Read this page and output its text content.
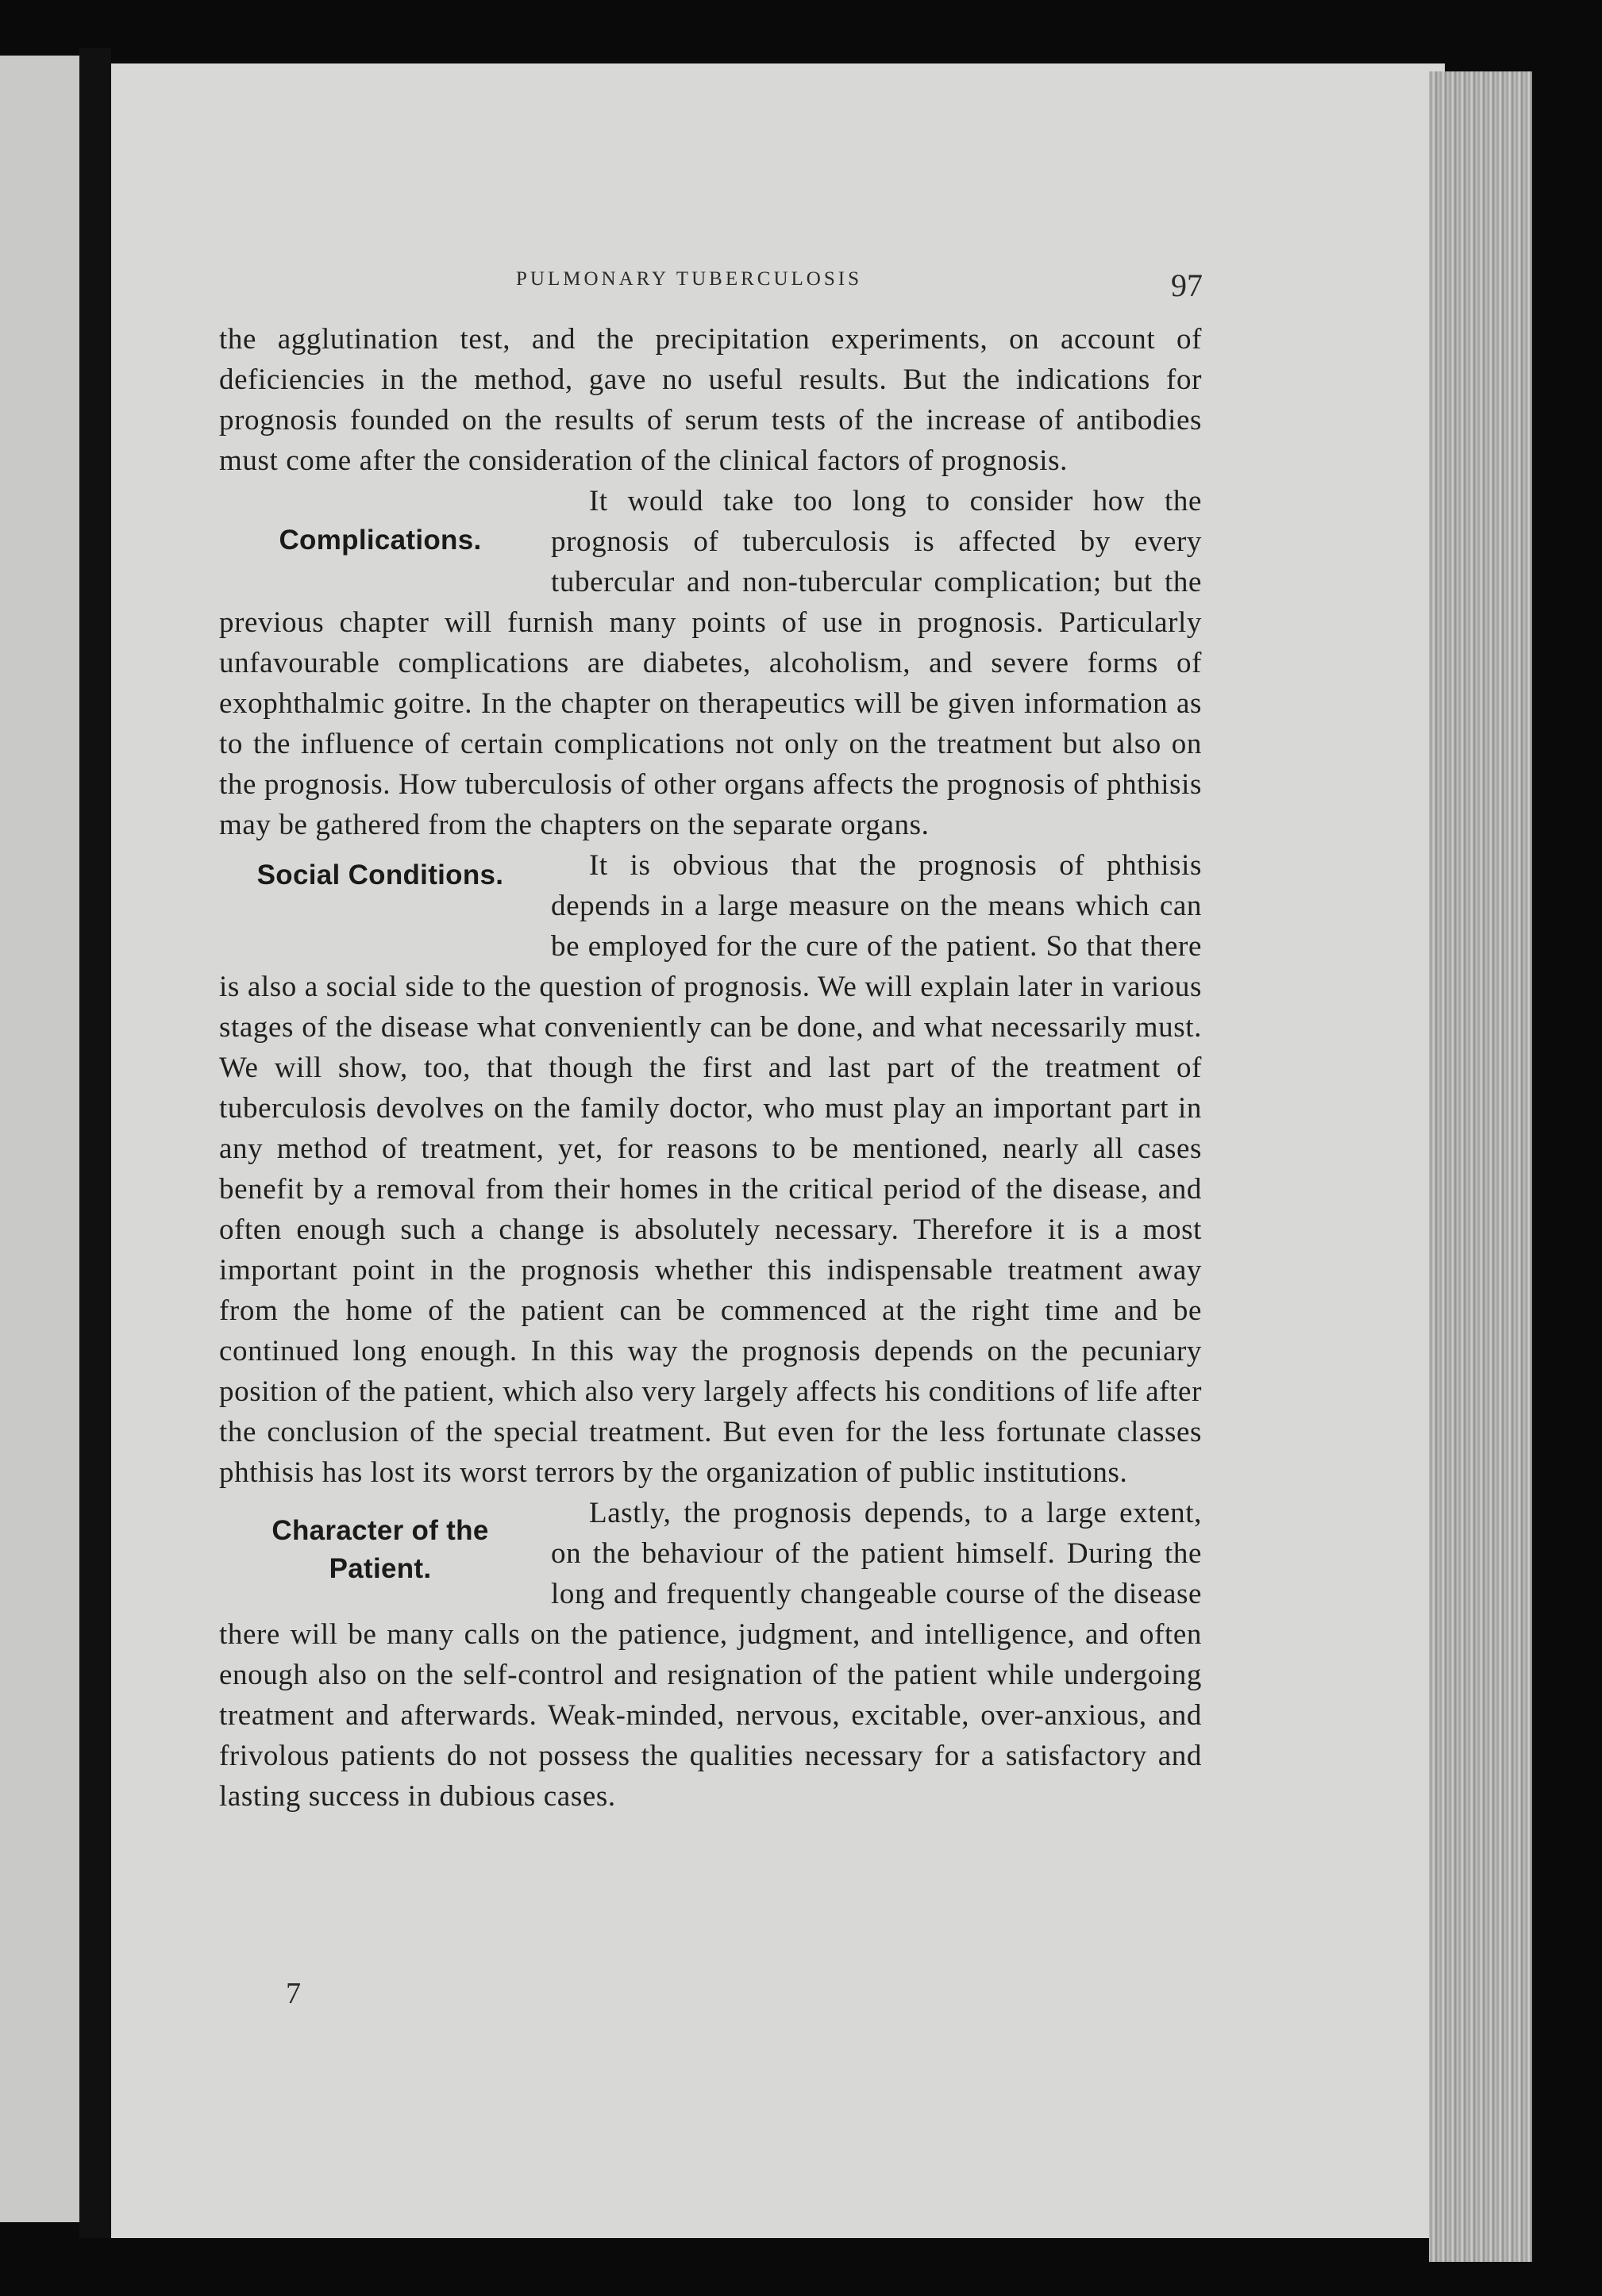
PULMONARY TUBERCULOSIS	97

the agglutination test, and the precipitation experiments, on account of deficiencies in the method, gave no useful results. But the indications for prognosis founded on the results of serum tests of the increase of antibodies must come after the consideration of the clinical factors of prognosis.

Complications.

It would take too long to consider how the prognosis of tuberculosis is affected by every tubercular and non-tubercular complication; but the previous chapter will furnish many points of use in prognosis. Particularly unfavourable complications are diabetes, alcoholism, and severe forms of exophthalmic goitre. In the chapter on therapeutics will be given information as to the influence of certain complications not only on the treatment but also on the prognosis. How tuberculosis of other organs affects the prognosis of phthisis may be gathered from the chapters on the separate organs.

Social Conditions.	It is obvious that the prognosis of phthisis depends in a large measure on the means which can be employed for the cure of the patient. So that there is also a social side to the question of prognosis. We will explain later in various stages of the disease what conveniently can be done, and what necessarily must. We will show, too, that though the first and last part of the treatment of tuberculosis devolves on the family doctor, who must play an important part in any method of treatment, yet, for reasons to be mentioned, nearly all cases benefit by a removal from their homes in the critical period of the disease, and often enough such a change is absolutely necessary. Therefore it is a most important point in the prognosis whether this indispensable treatment away from the home of the patient can be commenced at the right time and be continued long enough. In this way the prognosis depends on the pecuniary position of the patient, which also very largely affects his conditions of life after the conclusion of the special treatment. But even for the less fortunate classes phthisis has lost its worst terrors by the organization of public institutions.

Character of the Patient.

Lastly, the prognosis depends, to a large extent, on the behaviour of the patient himself. During the long and frequently changeable course of the disease there will be many calls on the patience, judgment, and intelligence, and often enough also on the self-control and resignation of the patient while undergoing treatment and afterwards. Weak-minded, nervous, excitable, over-anxious, and frivolous patients do not possess the qualities necessary for a satisfactory and lasting success in dubious cases.

7
